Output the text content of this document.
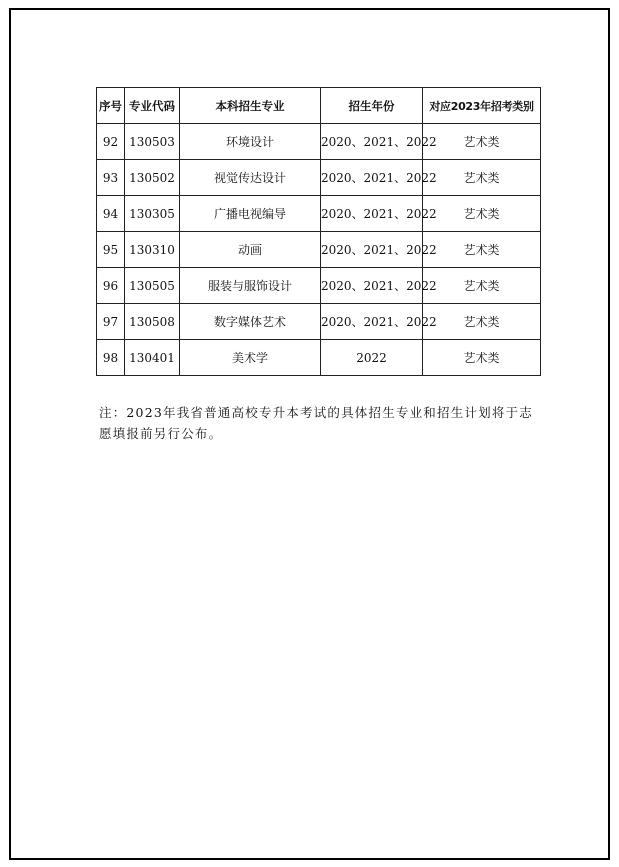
序号	专业代码	本科招生专业	招生年份	对应2023年招考类别
92	130503	环境设计	2020、2021、2022	艺术类
93	130502	视觉传达设计	2020、2021、2022	艺术类
94	130305	广播电视编导	2020、2021、2022	艺术类
95	130310	动画	2020、2021、2022	艺术类
96	130505	服装与服饰设计	2020、2021、2022	艺术类
97	130508	数字媒体艺术	2020、2021、2022	艺术类
98	130401	美术学	2022	艺术类

注：2023年我省普通高校专升本考试的具体招生专业和招生计划将于志愿填报前另行公布。
